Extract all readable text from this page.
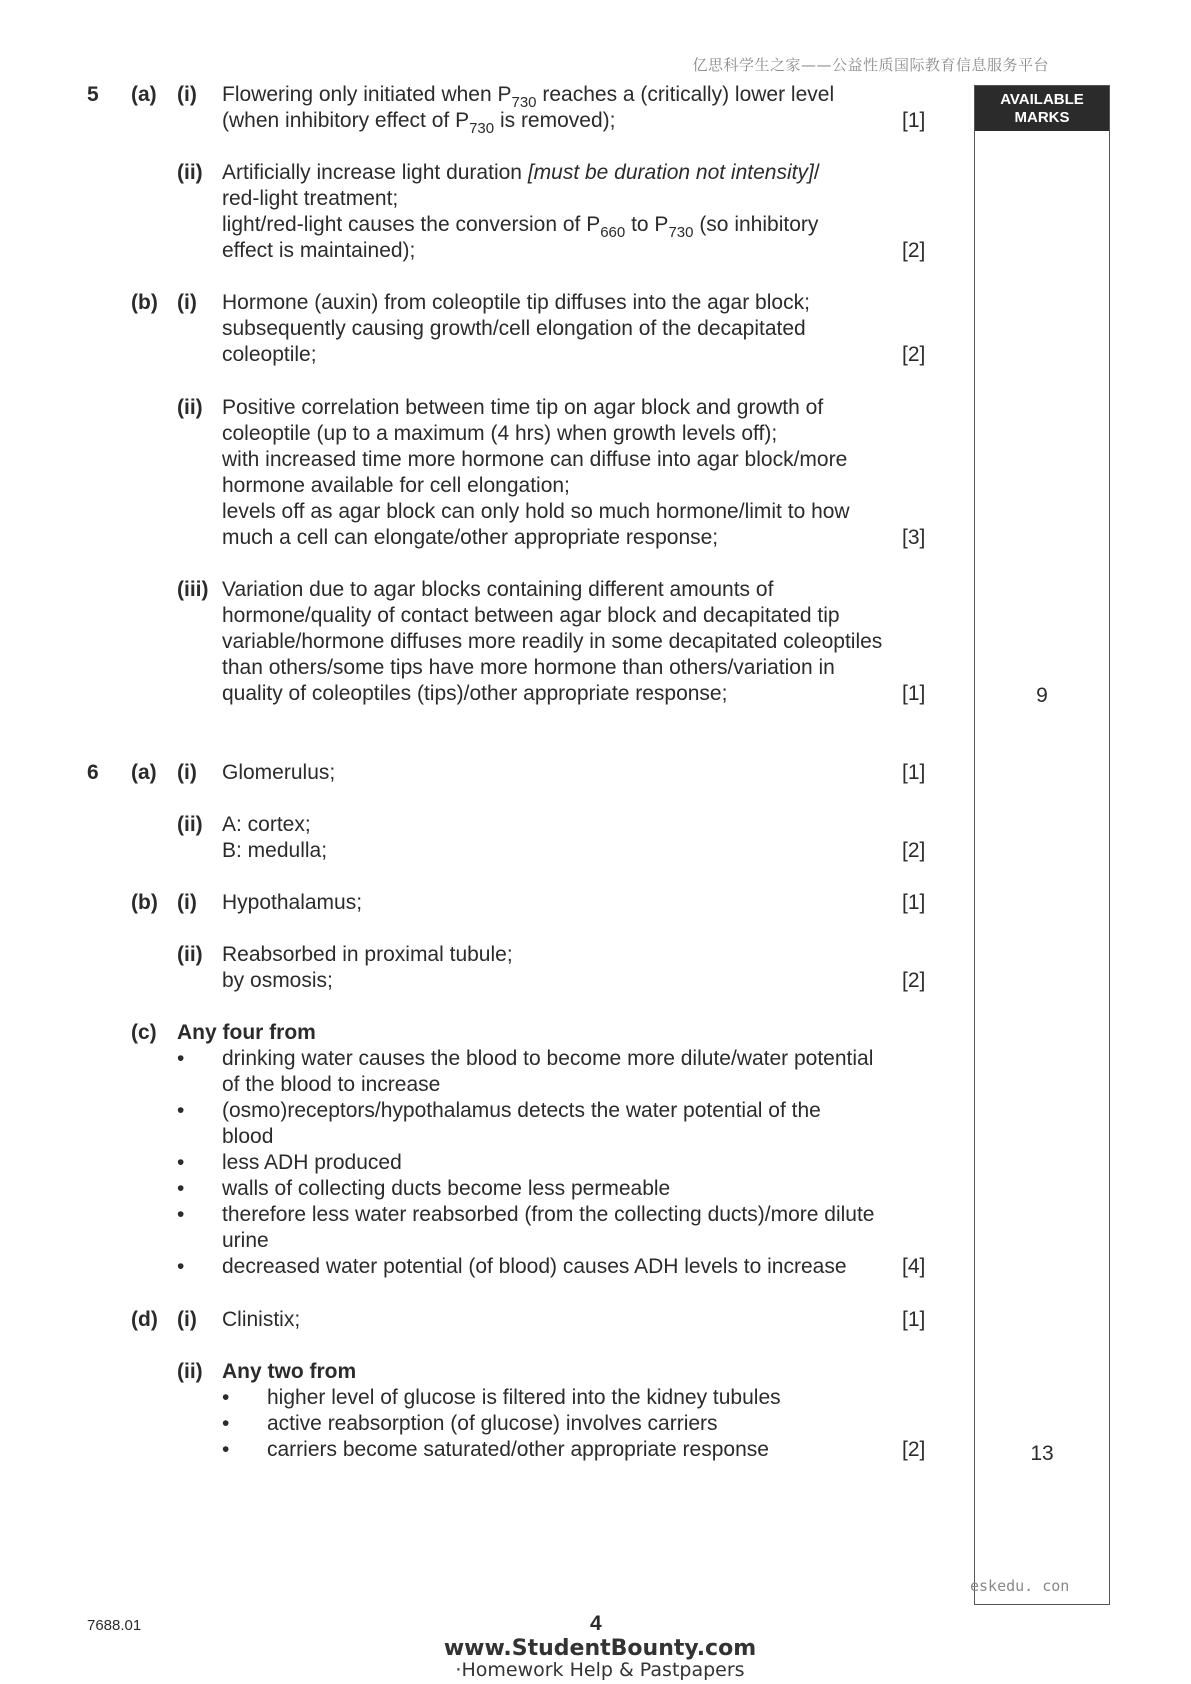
亿思科学生之家——公益性质国际教育信息服务平台
AVAILABLE
MARKS
9
13
5 (a) (i) Flowering only initiated when $P_{730}$ reaches a (critically) lower level
(when inhibitory effect of $P_{730}$ is removed);	[1]
(ii) Artificially increase light duration [must be duration not intensity]/
red-light treatment;
light/red-light causes the conversion of $P_{660}$ to $P_{730}$ (so inhibitory
effect is maintained);	[2]
(b) (i) Hormone (auxin) from coleoptile tip diffuses into the agar block;
subsequently causing growth/cell elongation of the decapitated
coleoptile;	[2]
(ii) Positive correlation between time tip on agar block and growth of
coleoptile (up to a maximum (4 hrs) when growth levels off);
with increased time more hormone can diffuse into agar block/more
hormone available for cell elongation;
levels off as agar block can only hold so much hormone/limit to how
much a cell can elongate/other appropriate response;	[3]
(iii) Variation due to agar blocks containing different amounts of
hormone/quality of contact between agar block and decapitated tip
variable/hormone diffuses more readily in some decapitated coleoptiles
than others/some tips have more hormone than others/variation in
quality of coleoptiles (tips)/other appropriate response;	[1]
6 (a) (i) Glomerulus;	[1]
(ii) A: cortex;
B: medulla;	[2]
(b) (i) Hypothalamus;	[1]
(ii) Reabsorbed in proximal tubule;
by osmosis;	[2]
(c) Any four from
• drinking water causes the blood to become more dilute/water potential
of the blood to increase
• (osmo)receptors/hypothalamus detects the water potential of the
blood
• less ADH produced
• walls of collecting ducts become less permeable
• therefore less water reabsorbed (from the collecting ducts)/more dilute
urine
• decreased water potential (of blood) causes ADH levels to increase	[4]
(d) (i) Clinistix;	[1]
(ii) Any two from
• higher level of glucose is filtered into the kidney tubules
• active reabsorption (of glucose) involves carriers
• carriers become saturated/other appropriate response	[2]
eskedu. con
7688.01	4
www.StudentBounty.com
·Homework Help & Pastpapers
